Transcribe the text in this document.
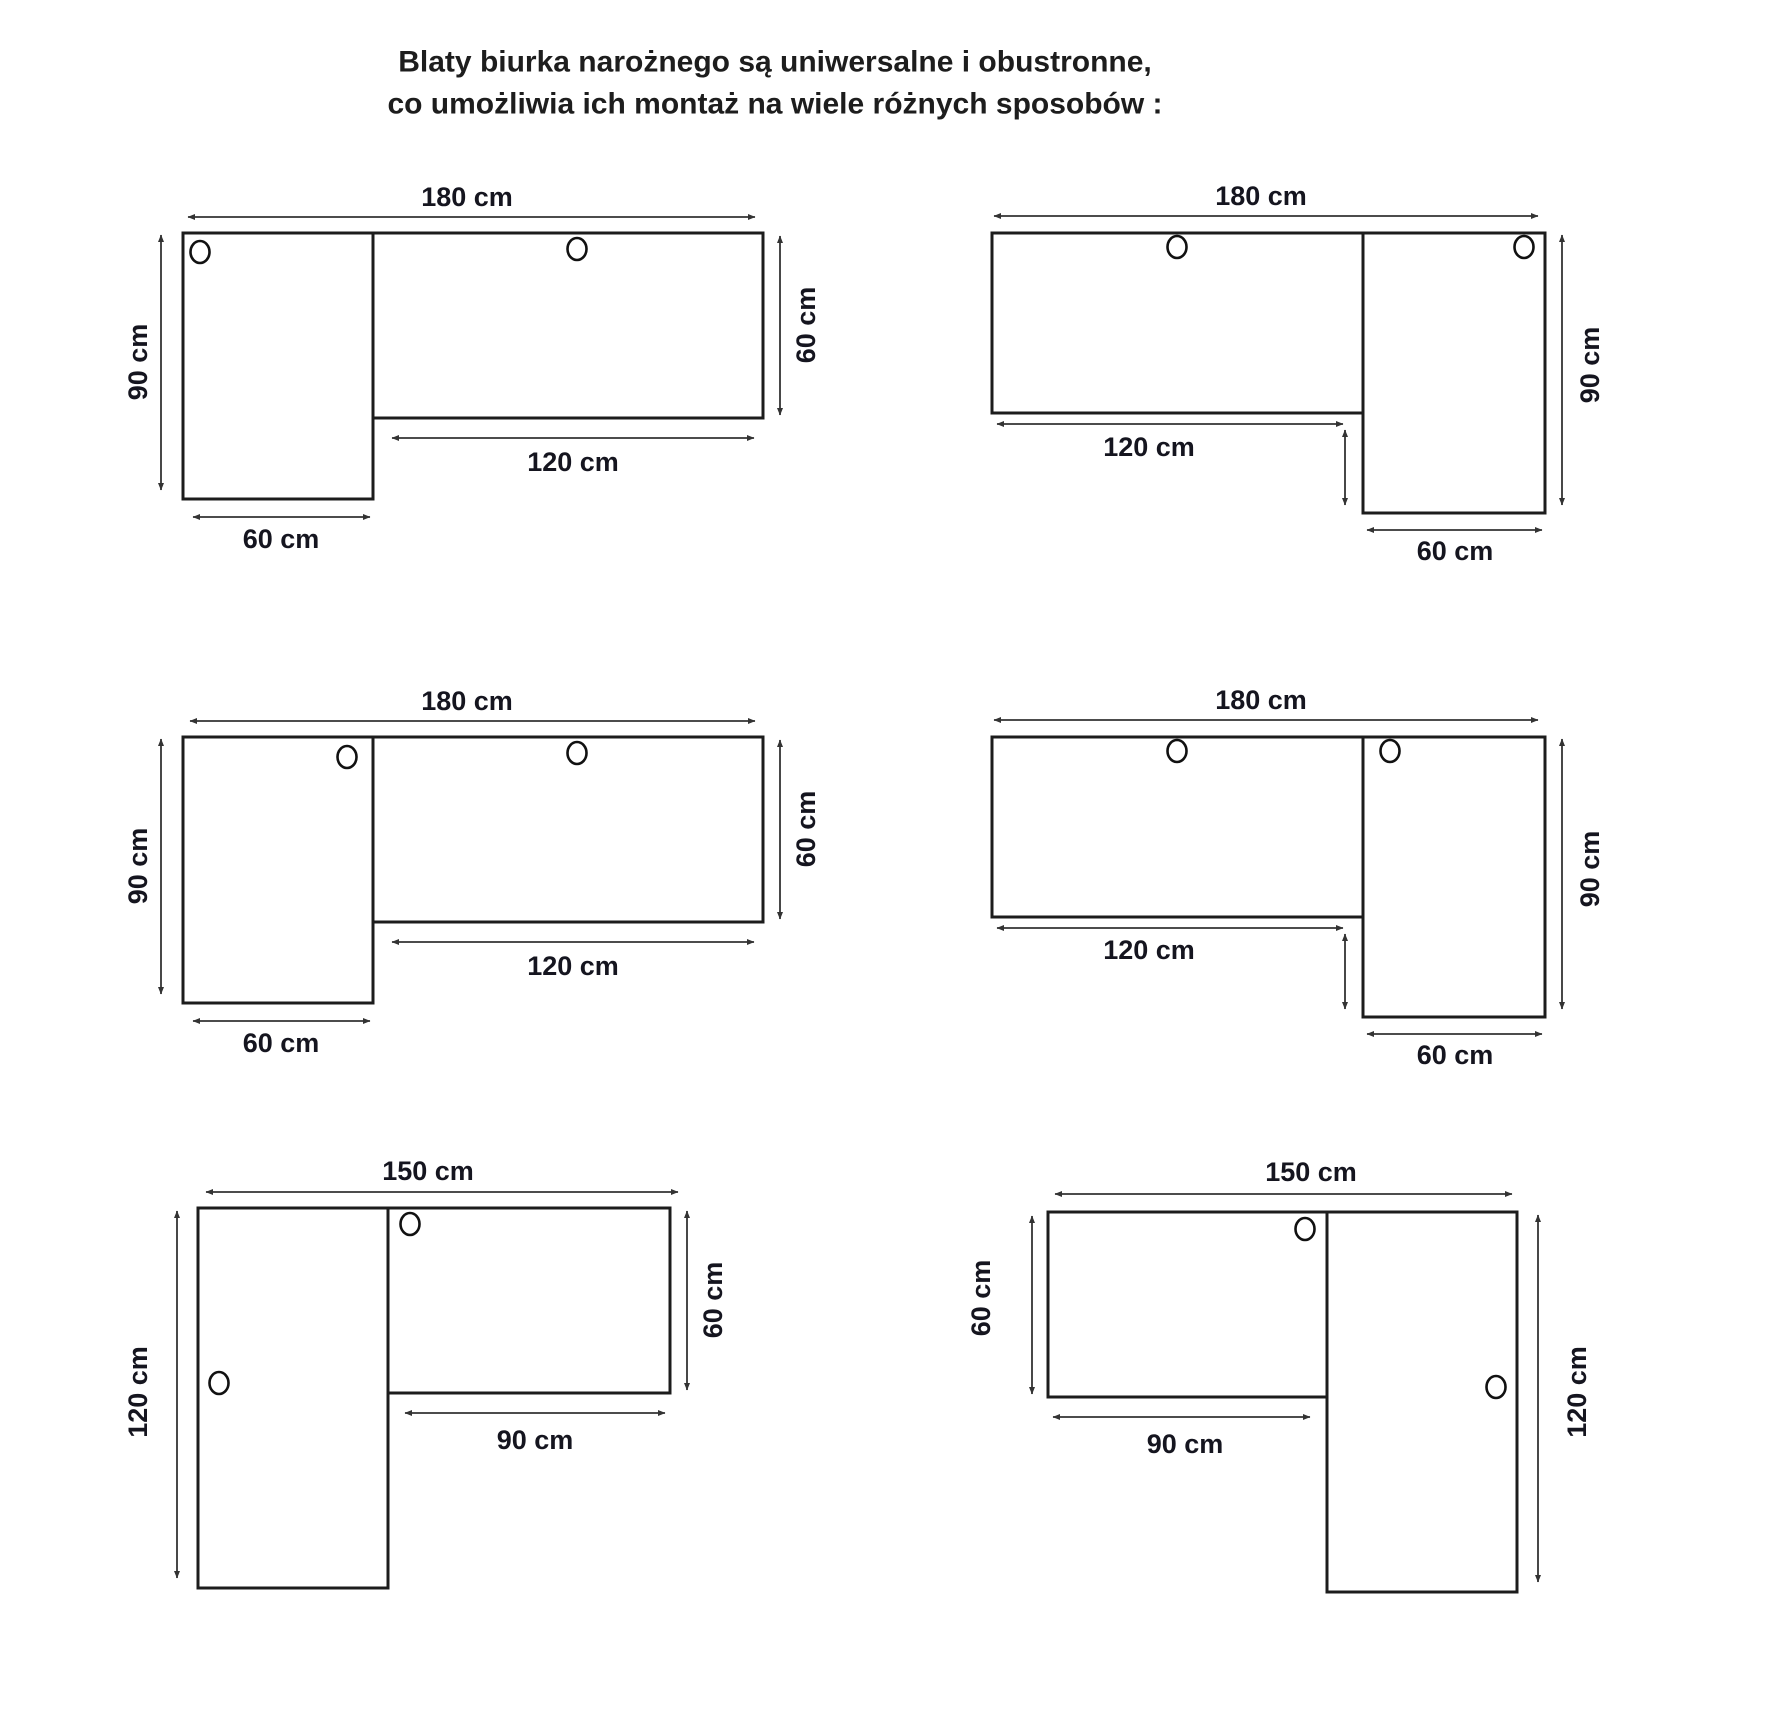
Blaty biurka narożnego są uniwersalne i obustronne,
co umożliwia ich montaż na wiele różnych sposobów :
180 cm
90 cm	60 cm
120 cm
60 cm
180 cm
120 cm
60 cm
90 cm
180 cm
90 cm	60 cm
120 cm
60 cm
180 cm
120 cm
60 cm
90 cm
150 cm
120 cm
60 cm
90 cm
150 cm
60 cm
120 cm
90 cm
